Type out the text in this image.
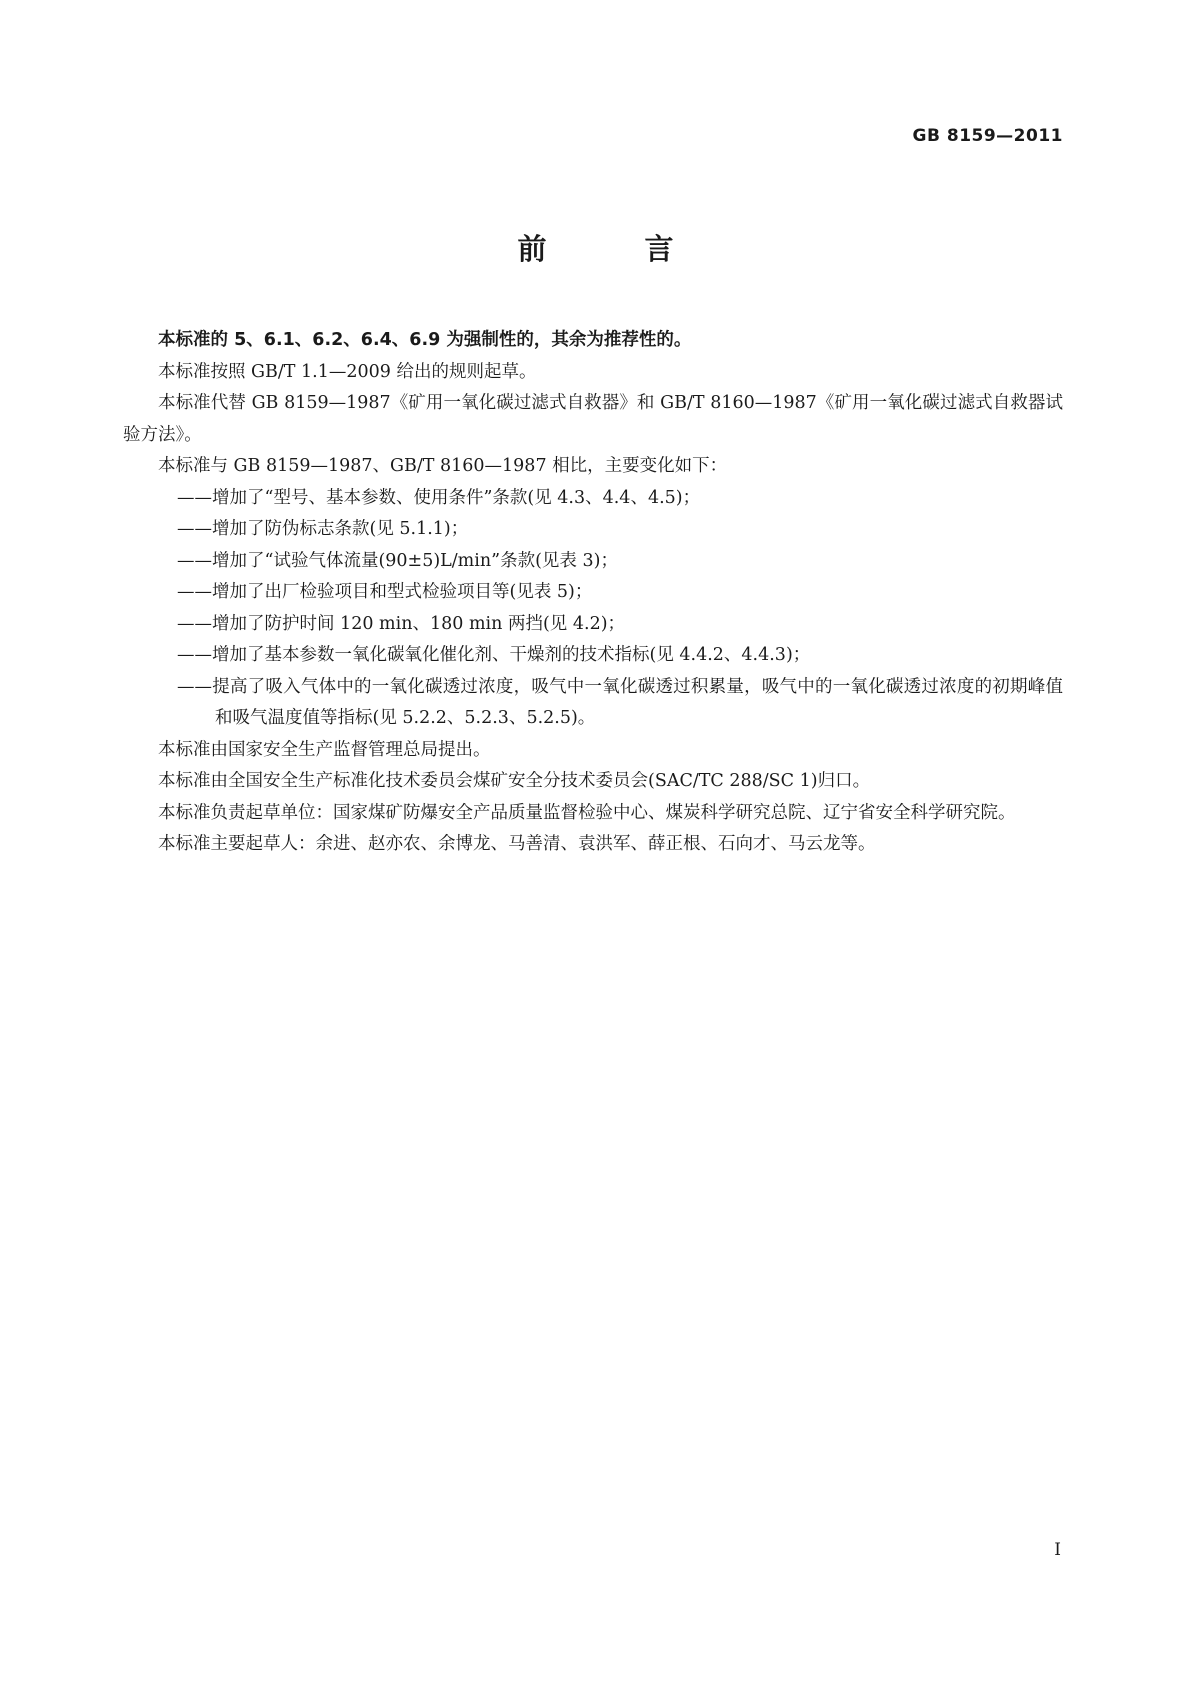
GB 8159—2011
前 言

本标准的 5、6.1、6.2、6.4、6.9 为强制性的，其余为推荐性的。

本标准按照 GB/T 1.1—2009 给出的规则起草。

本标准代替 GB 8159—1987《矿用一氧化碳过滤式自救器》和 GB/T 8160—1987《矿用一氧化碳过滤式自救器试验方法》。

本标准与 GB 8159—1987、GB/T 8160—1987 相比，主要变化如下：

——增加了“型号、基本参数、使用条件”条款(见 4.3、4.4、4.5)；

——增加了防伪标志条款(见 5.1.1)；

——增加了“试验气体流量(90±5)L/min”条款(见表 3)；

——增加了出厂检验项目和型式检验项目等(见表 5)；

——增加了防护时间 120 min、180 min 两挡(见 4.2)；

——增加了基本参数一氧化碳氧化催化剂、干燥剂的技术指标(见 4.4.2、4.4.3)；

——提高了吸入气体中的一氧化碳透过浓度，吸气中一氧化碳透过积累量，吸气中的一氧化碳透过浓度的初期峰值和吸气温度值等指标(见 5.2.2、5.2.3、5.2.5)。

本标准由国家安全生产监督管理总局提出。

本标准由全国安全生产标准化技术委员会煤矿安全分技术委员会(SAC/TC 288/SC 1)归口。

本标准负责起草单位：国家煤矿防爆安全产品质量监督检验中心、煤炭科学研究总院、辽宁省安全科学研究院。

本标准主要起草人：余进、赵亦农、余博龙、马善清、袁洪军、薛正根、石向才、马云龙等。

I
